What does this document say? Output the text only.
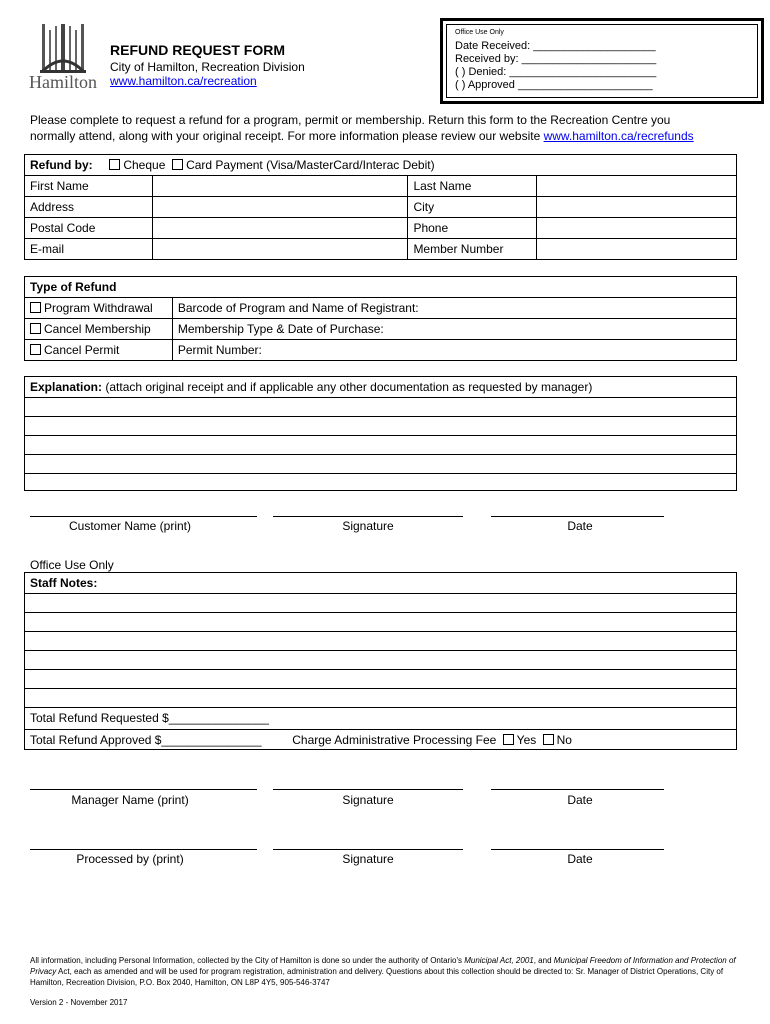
Hamilton
REFUND REQUEST FORM
City of Hamilton, Recreation Division
www.hamilton.ca/recreation
Office Use Only
Date Received: ____________________
Received by: ______________________
( ) Denied: ________________________
( ) Approved ______________________
Please complete to request a refund for a program, permit or membership. Return this form to the Recreation Centre you
normally attend, along with your original receipt. For more information please review our website www.hamilton.ca/recrefunds
Refund by: Cheque Card Payment (Visa/MasterCard/Interac Debit)			
First Name		Last Name	
Address		City	
Postal Code		Phone	
E-mail		Member Number	
Type of Refund	
Program Withdrawal	Barcode of Program and Name of Registrant:
Cancel Membership	Membership Type & Date of Purchase:
Cancel Permit	Permit Number:
Explanation: (attach original receipt and if applicable any other documentation as requested by manager)
Customer Name (print)	Signature	Date
Office Use Only
Staff Notes:
Total Refund Requested $_______________
Total Refund Approved $_______________	Charge Administrative Processing Fee Yes No
Manager Name (print)	Signature	Date
Processed by (print)	Signature	Date
All information, including Personal Information, collected by the City of Hamilton is done so under the authority of Ontario's Municipal Act, 2001, and Municipal Freedom of Information and Protection of Privacy Act, each as amended and will be used for program registration, administration and delivery. Questions about this collection should be directed to: Sr. Manager of District Operations, City of Hamilton, Recreation Division, P.O. Box 2040, Hamilton, ON L8P 4Y5, 905-546-3747
Version 2 - November 2017
